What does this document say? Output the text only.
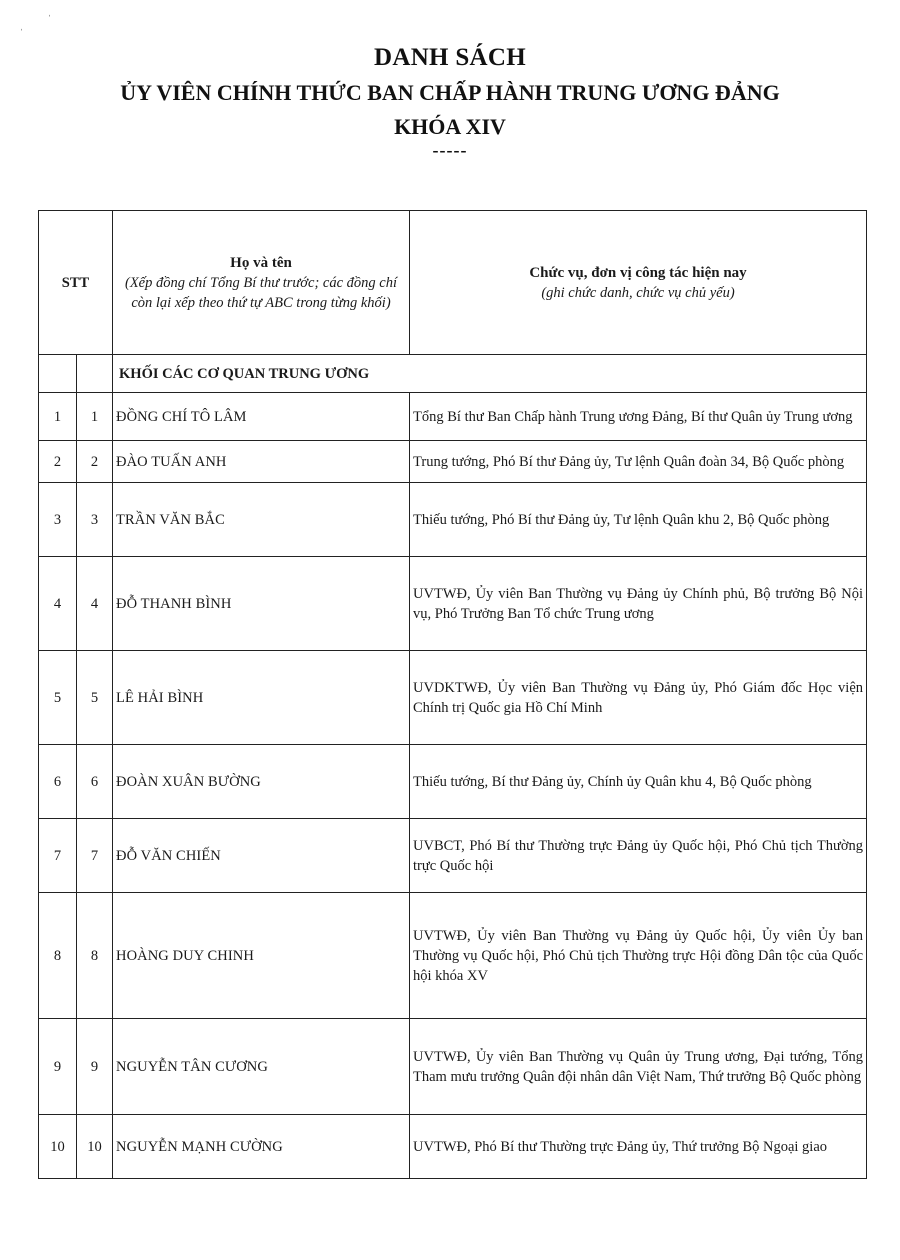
ˈ
ˈ
DANH SÁCH
ỦY VIÊN CHÍNH THỨC BAN CHẤP HÀNH TRUNG ƯƠNG ĐẢNG
KHÓA XIV
-----
STT		Họ và tên
(Xếp đồng chí Tổng Bí thư trước; các đồng chí còn lại xếp theo thứ tự ABC trong từng khối)	Chức vụ, đơn vị công tác hiện nay
(ghi chức danh, chức vụ chủ yếu)

		KHỐI CÁC CƠ QUAN TRUNG ƯƠNG	
1	1	ĐỒNG CHÍ TÔ LÂM	Tổng Bí thư Ban Chấp hành Trung ương Đảng, Bí thư Quân ủy Trung ương
2	2	ĐÀO TUẤN ANH	Trung tướng, Phó Bí thư Đảng ủy, Tư lệnh Quân đoàn 34, Bộ Quốc phòng
3	3	TRẦN VĂN BẮC	Thiếu tướng, Phó Bí thư Đảng ủy, Tư lệnh Quân khu 2, Bộ Quốc phòng
4	4	ĐỖ THANH BÌNH	UVTWĐ, Ủy viên Ban Thường vụ Đảng ủy Chính phủ, Bộ trưởng Bộ Nội vụ, Phó Trưởng Ban Tổ chức Trung ương
5	5	LÊ HẢI BÌNH	UVDKTWĐ, Ủy viên Ban Thường vụ Đảng ủy, Phó Giám đốc Học viện Chính trị Quốc gia Hồ Chí Minh
6	6	ĐOÀN XUÂN BƯỜNG	Thiếu tướng, Bí thư Đảng ủy, Chính ủy Quân khu 4, Bộ Quốc phòng
7	7	ĐỖ VĂN CHIẾN	UVBCT, Phó Bí thư Thường trực Đảng ủy Quốc hội, Phó Chủ tịch Thường trực Quốc hội
8	8	HOÀNG DUY CHINH	UVTWĐ, Ủy viên Ban Thường vụ Đảng ủy Quốc hội, Ủy viên Ủy ban Thường vụ Quốc hội, Phó Chủ tịch Thường trực Hội đồng Dân tộc của Quốc hội khóa XV
9	9	NGUYỄN TÂN CƯƠNG	UVTWĐ, Ủy viên Ban Thường vụ Quân ủy Trung ương, Đại tướng, Tổng Tham mưu trưởng Quân đội nhân dân Việt Nam, Thứ trưởng Bộ Quốc phòng
10	10	NGUYỄN MẠNH CƯỜNG	UVTWĐ, Phó Bí thư Thường trực Đảng ủy, Thứ trưởng Bộ Ngoại giao
